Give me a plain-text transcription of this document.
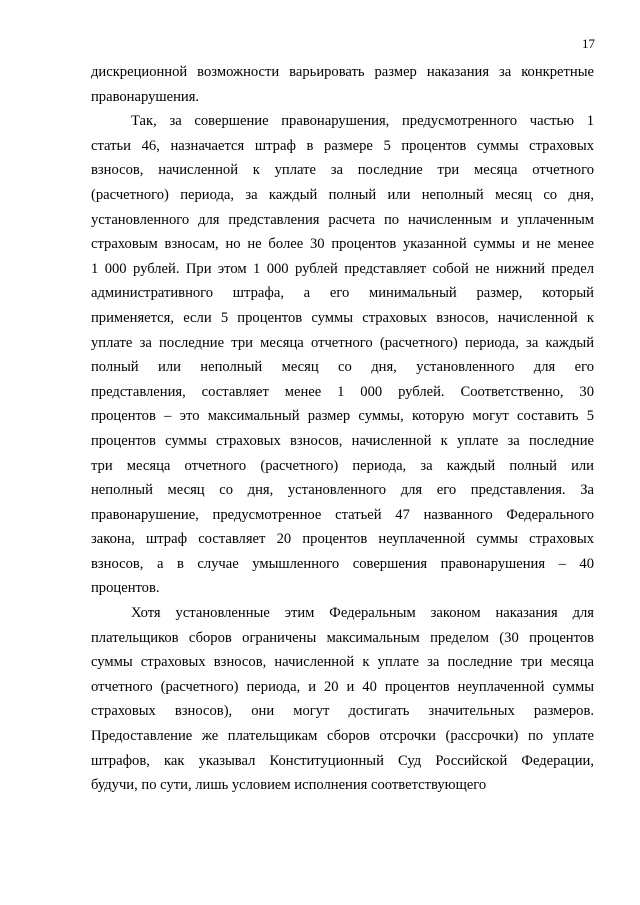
17
дискреционной возможности варьировать размер наказания за конкретные
правонарушения.
Так, за совершение правонарушения, предусмотренного частью 1
статьи 46, назначается штраф в размере 5 процентов суммы страховых
взносов, начисленной к уплате за последние три месяца отчетного
(расчетного) периода, за каждый полный или неполный месяц со дня,
установленного для представления расчета по начисленным и уплаченным
страховым взносам, но не более 30 процентов указанной суммы и не менее
1 000 рублей. При этом 1 000 рублей представляет собой не нижний предел
административного штрафа, а его минимальный размер, который
применяется, если 5 процентов суммы страховых взносов, начисленной к
уплате за последние три месяца отчетного (расчетного) периода, за каждый
полный или неполный месяц со дня, установленного для его
представления, составляет менее 1 000 рублей. Соответственно, 30
процентов – это максимальный размер суммы, которую могут составить 5
процентов суммы страховых взносов, начисленной к уплате за последние
три месяца отчетного (расчетного) периода, за каждый полный или
неполный месяц со дня, установленного для его представления. За
правонарушение, предусмотренное статьей 47 названного Федерального
закона, штраф составляет 20 процентов неуплаченной суммы страховых
взносов, а в случае умышленного совершения правонарушения – 40
процентов.
Хотя установленные этим Федеральным законом наказания для
плательщиков сборов ограничены максимальным пределом (30 процентов
суммы страховых взносов, начисленной к уплате за последние три месяца
отчетного (расчетного) периода, и 20 и 40 процентов неуплаченной суммы
страховых взносов), они могут достигать значительных размеров.
Предоставление же плательщикам сборов отсрочки (рассрочки) по уплате
штрафов, как указывал Конституционный Суд Российской Федерации,
будучи, по сути, лишь условием исполнения соответствующего
